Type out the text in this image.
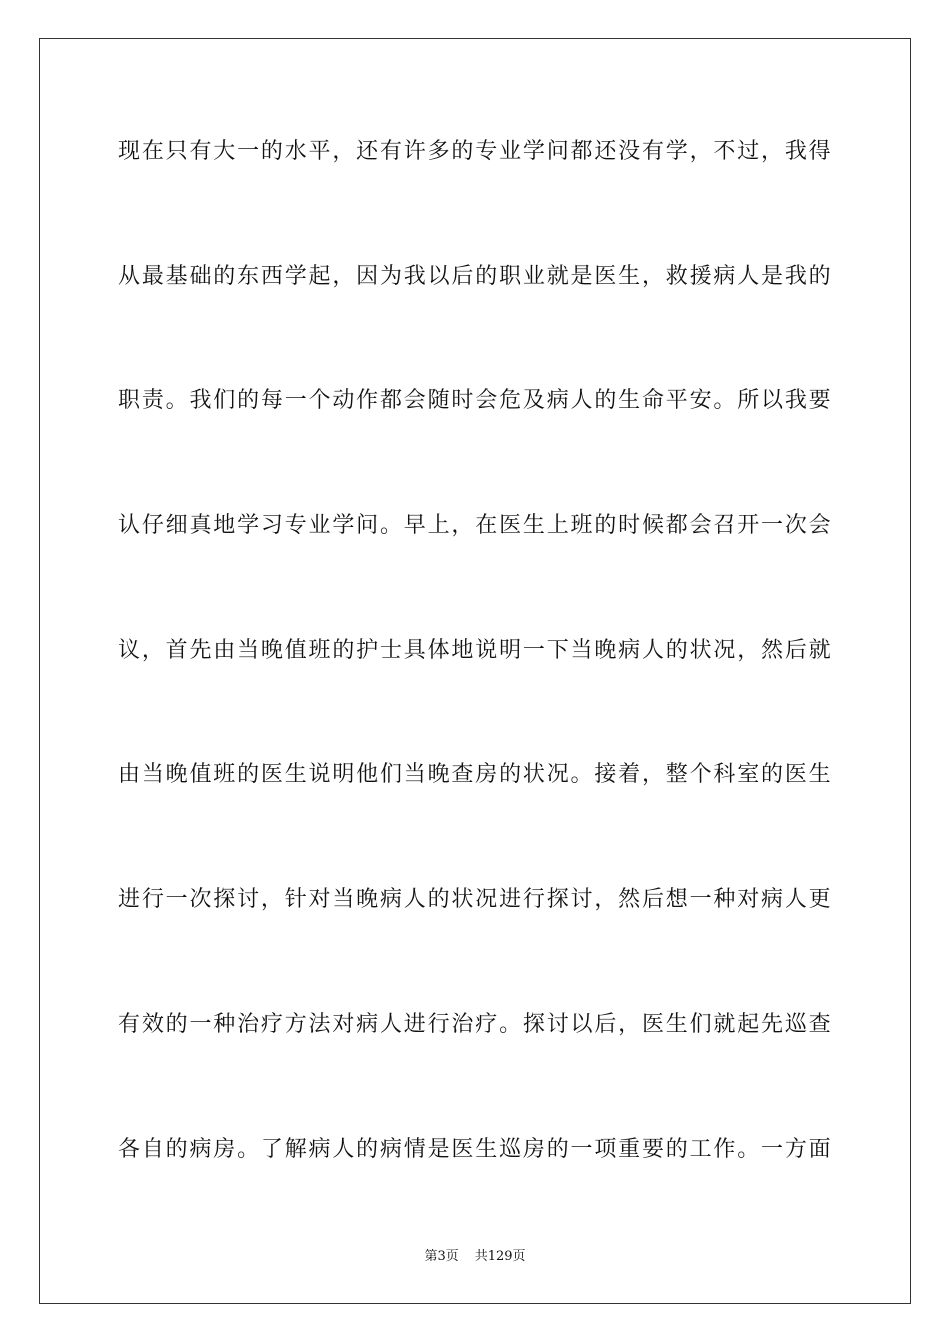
现在只有大一的水平，还有许多的专业学问都还没有学，不过，我得
从最基础的东西学起，因为我以后的职业就是医生，救援病人是我的
职责。我们的每一个动作都会随时会危及病人的生命平安。所以我要
认仔细真地学习专业学问。早上，在医生上班的时候都会召开一次会
议，首先由当晚值班的护士具体地说明一下当晚病人的状况，然后就
由当晚值班的医生说明他们当晚查房的状况。接着，整个科室的医生
进行一次探讨，针对当晚病人的状况进行探讨，然后想一种对病人更
有效的一种治疗方法对病人进行治疗。探讨以后，医生们就起先巡查
各自的病房。了解病人的病情是医生巡房的一项重要的工作。一方面
第3页 共129页
